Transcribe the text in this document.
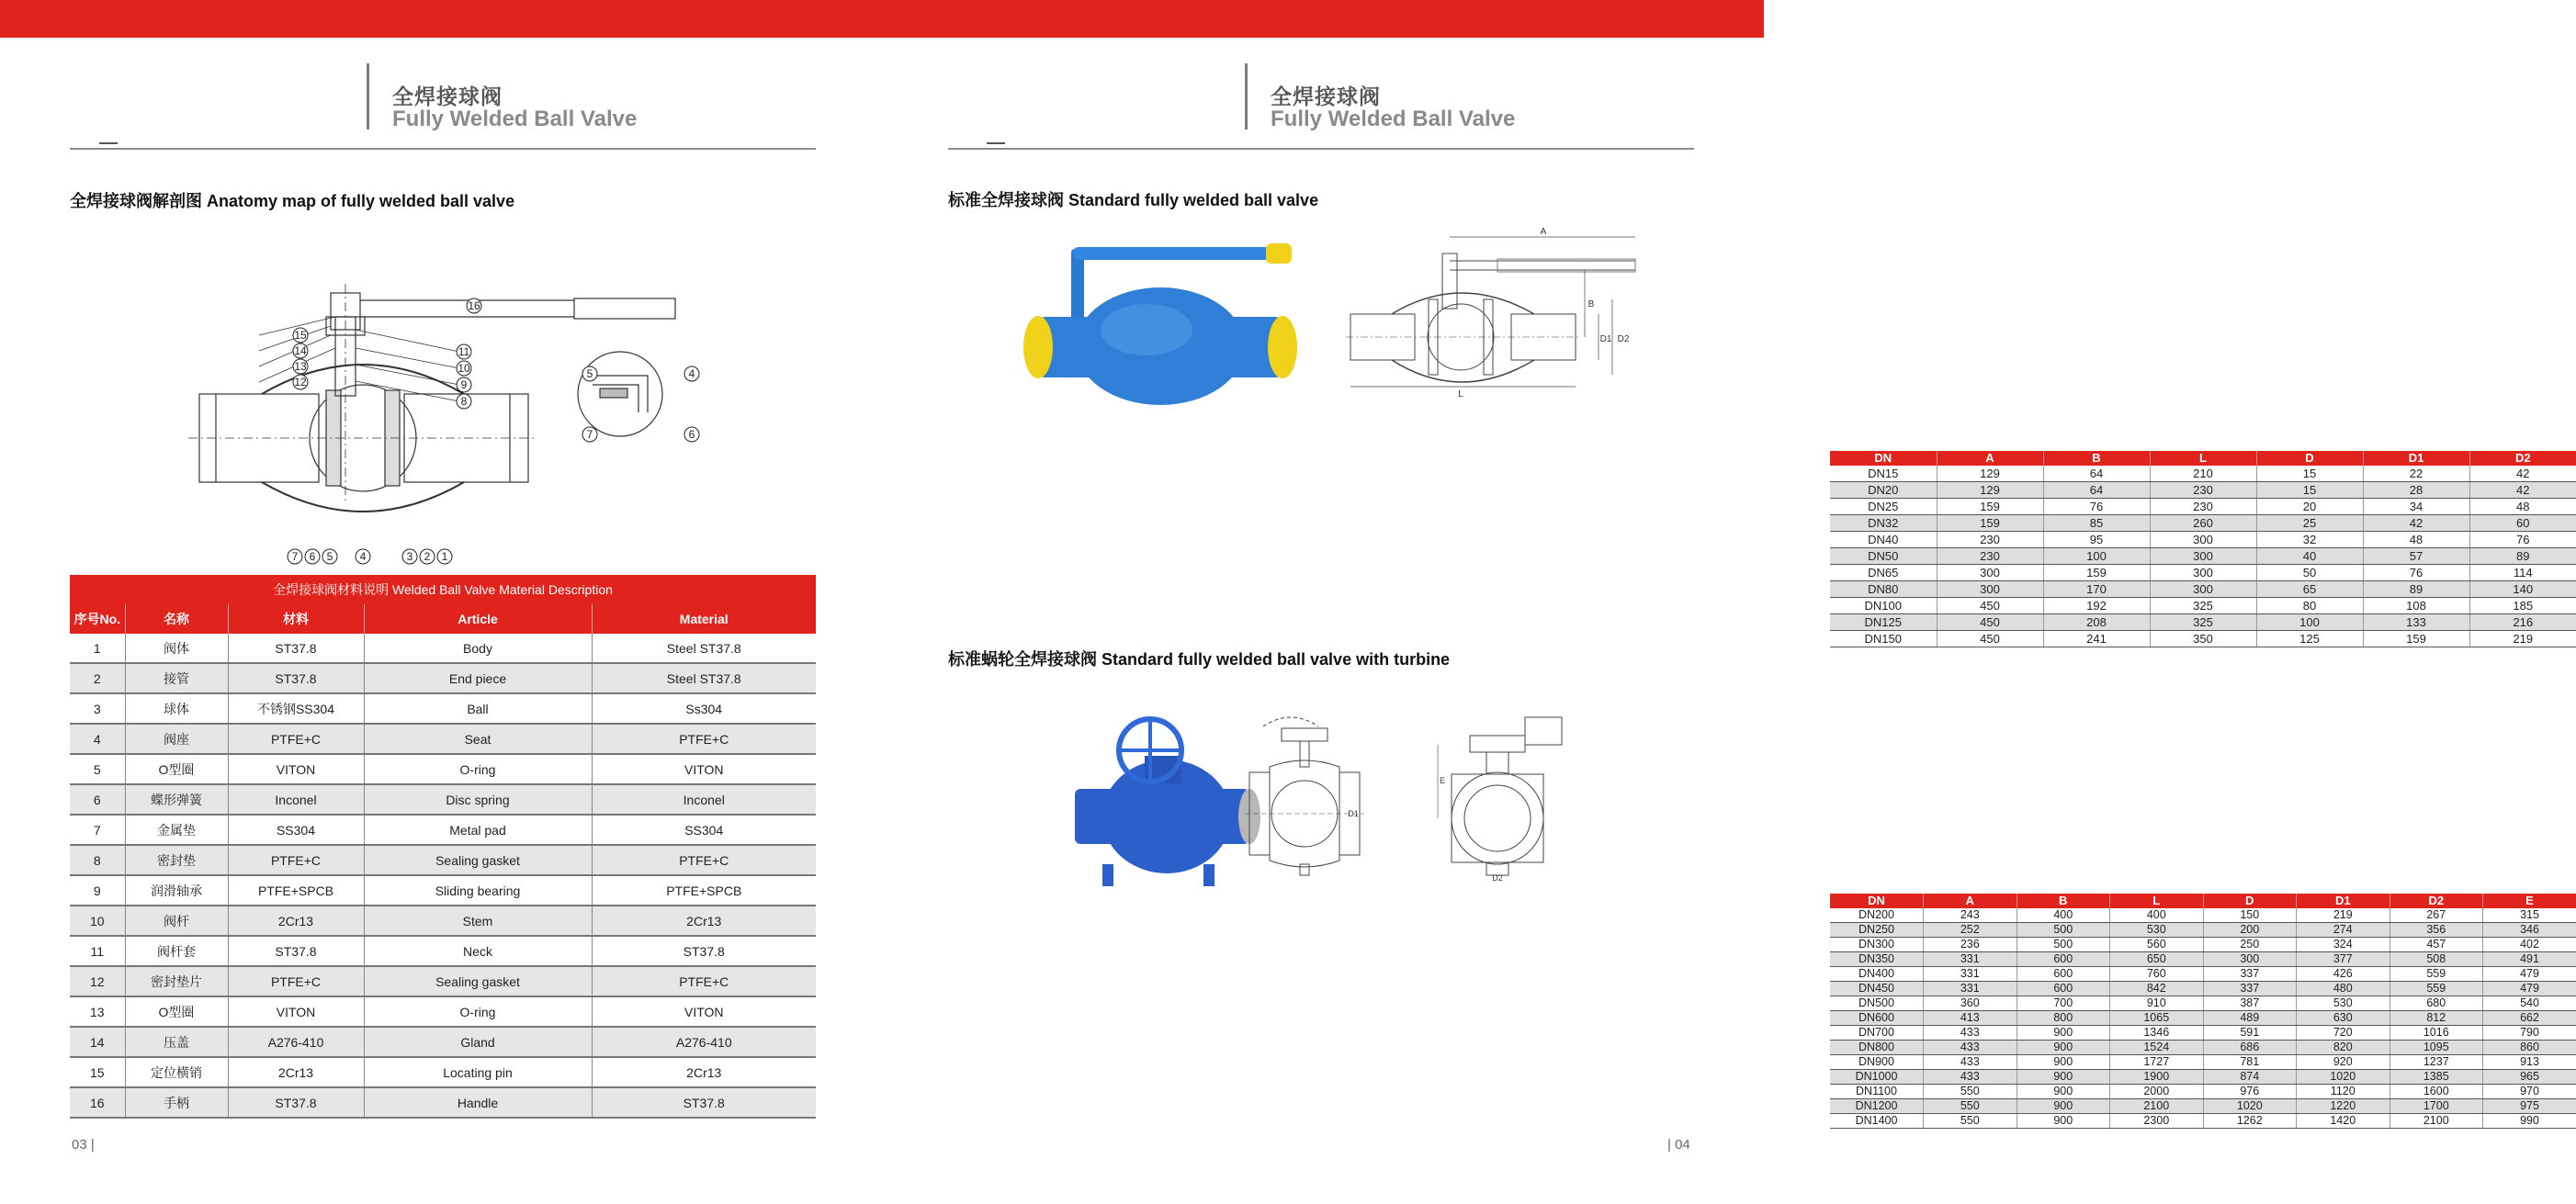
全焊接球阀
Fully Welded Ball Valve
全焊接球阀解剖图 Anatomy map of fully welded ball valve
16
15
14
13
12
11
10
9
8
5	4
7	6
7 6 5 4	3 2 1
全焊接球阀材料说明 Welded Ball Valve Material Description
序号No.	名称	材料	Article	Material
1	阀体	ST37.8	Body	Steel ST37.8
2	接管	ST37.8	End piece	Steel ST37.8
3	球体	不锈钢SS304	Ball	Ss304
4	阀座	PTFE+C	Seat	PTFE+C
5	O型圈	VITON	O-ring	VITON
6	蝶形弹簧	Inconel	Disc spring	Inconel
7	金属垫	SS304	Metal pad	SS304
8	密封垫	PTFE+C	Sealing gasket	PTFE+C
9	润滑轴承	PTFE+SPCB	Sliding bearing	PTFE+SPCB
10	阀杆	2Cr13	Stem	2Cr13
11	阀杆套	ST37.8	Neck	ST37.8
12	密封垫片	PTFE+C	Sealing gasket	PTFE+C
13	O型圈	VITON	O-ring	VITON
14	压盖	A276-410	Gland	A276-410
15	定位横销	2Cr13	Locating pin	2Cr13
16	手柄	ST37.8	Handle	ST37.8
03 |
全焊接球阀
Fully Welded Ball Valve
标准全焊接球阀 Standard fully welded ball valve
A
B
L
D1 D2
DN	A	B	L	D	D1	D2
DN15	129	64	210	15	22	42
DN20	129	64	230	15	28	42
DN25	159	76	230	20	34	48
DN32	159	85	260	25	42	60
DN40	230	95	300	32	48	76
DN50	230	100	300	40	57	89
DN65	300	159	300	50	76	114
DN80	300	170	300	65	89	140
DN100	450	192	325	80	108	185
DN125	450	208	325	100	133	216
DN150	450	241	350	125	159	219
标准蜗轮全焊接球阀 Standard fully welded ball valve with turbine
D1
E
D2
DN	A	B	L	D	D1	D2	E
DN200	243	400	400	150	219	267	315
DN250	252	500	530	200	274	356	346
DN300	236	500	560	250	324	457	402
DN350	331	600	650	300	377	508	491
DN400	331	600	760	337	426	559	479
DN450	331	600	842	337	480	559	479
DN500	360	700	910	387	530	680	540
DN600	413	800	1065	489	630	812	662
DN700	433	900	1346	591	720	1016	790
DN800	433	900	1524	686	820	1095	860
DN900	433	900	1727	781	920	1237	913
DN1000	433	900	1900	874	1020	1385	965
DN1100	550	900	2000	976	1120	1600	970
DN1200	550	900	2100	1020	1220	1700	975
DN1400	550	900	2300	1262	1420	2100	990
| 04
